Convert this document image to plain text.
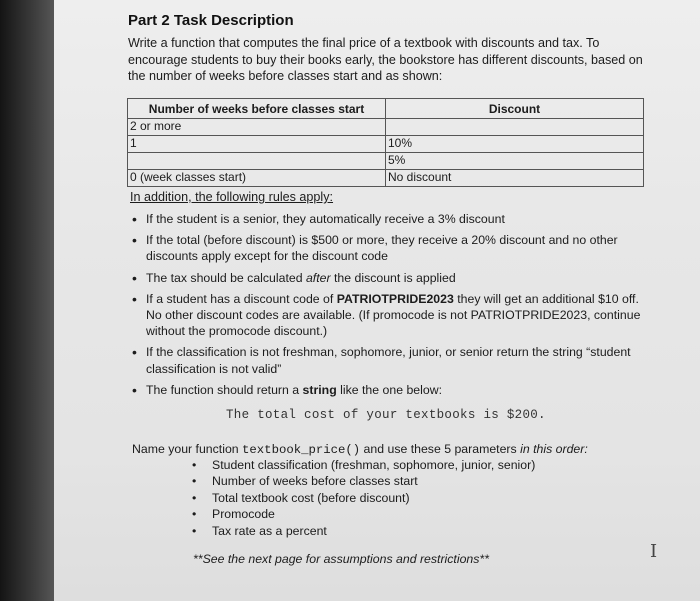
Part 2 Task Description
Write a function that computes the final price of a textbook with discounts and tax. To encourage students to buy their books early, the bookstore has different discounts, based on the number of weeks before classes start and as shown:
Number of weeks before classes start	Discount
2 or more	
1	10%
	5%
0 (week classes start)	No discount
In addition, the following rules apply:
• If the student is a senior, they automatically receive a 3% discount
• If the total (before discount) is $500 or more, they receive a 20% discount and no other discounts apply except for the discount code
• The tax should be calculated after the discount is applied
• If a student has a discount code of PATRIOTPRIDE2023 they will get an additional $10 off. No other discount codes are available. (If promocode is not PATRIOTPRIDE2023, continue without the promocode discount.)
• If the classification is not freshman, sophomore, junior, or senior return the string “student classification is not valid”
• The function should return a string like the one below:
The total cost of your textbooks is $200.
Name your function textbook_price() and use these 5 parameters in this order:
• Student classification (freshman, sophomore, junior, senior)
• Number of weeks before classes start
• Total textbook cost (before discount)
• Promocode
• Tax rate as a percent
**See the next page for assumptions and restrictions**	I
